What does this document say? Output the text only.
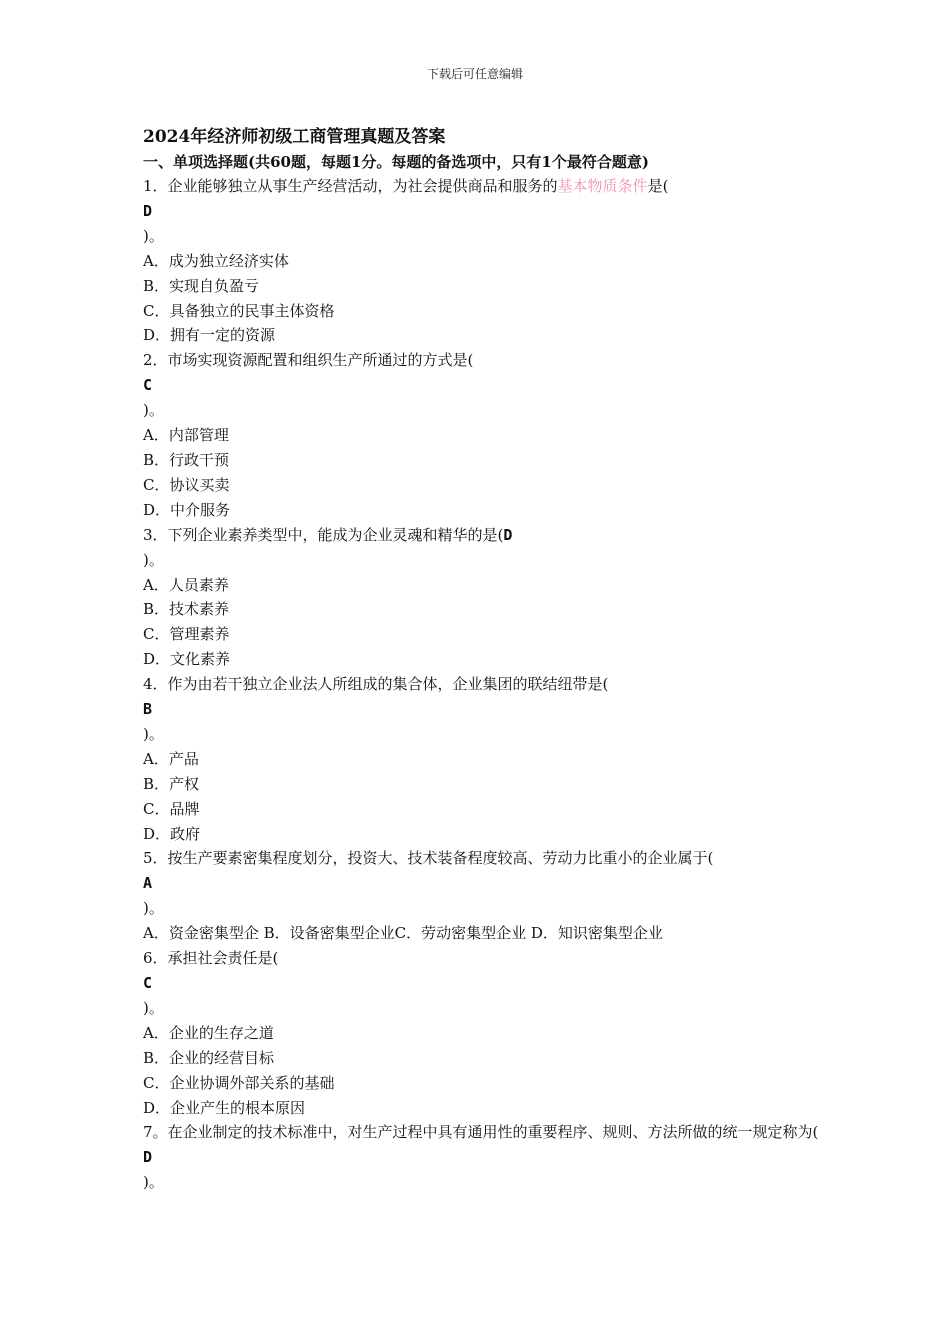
下载后可任意编辑
2024年经济师初级工商管理真题及答案
一、单项选择题(共60题，每题1分。每题的备选项中，只有1个最符合题意)
1．企业能够独立从事生产经营活动，为社会提供商品和服务的基本物质条件是(
D
)。
A．成为独立经济实体
B．实现自负盈亏
C．具备独立的民事主体资格
D．拥有一定的资源
2．市场实现资源配置和组织生产所通过的方式是(
C
)。
A．内部管理
B．行政干预
C．协议买卖
D．中介服务
3．下列企业素养类型中，能成为企业灵魂和精华的是(D
)。
A．人员素养
B．技术素养
C．管理素养
D．文化素养
4．作为由若干独立企业法人所组成的集合体，企业集团的联结纽带是(
B
)。
A．产品
B．产权
C．品牌
D．政府
5．按生产要素密集程度划分，投资大、技术装备程度较高、劳动力比重小的企业属于(
A
)。
A．资金密集型企 B．设备密集型企业C．劳动密集型企业 D．知识密集型企业
6．承担社会责任是(
C
)。
A．企业的生存之道
B．企业的经营目标
C．企业协调外部关系的基础
D．企业产生的根本原因
7。在企业制定的技术标准中，对生产过程中具有通用性的重要程序、规则、方法所做的统一规定称为(
D
)。
